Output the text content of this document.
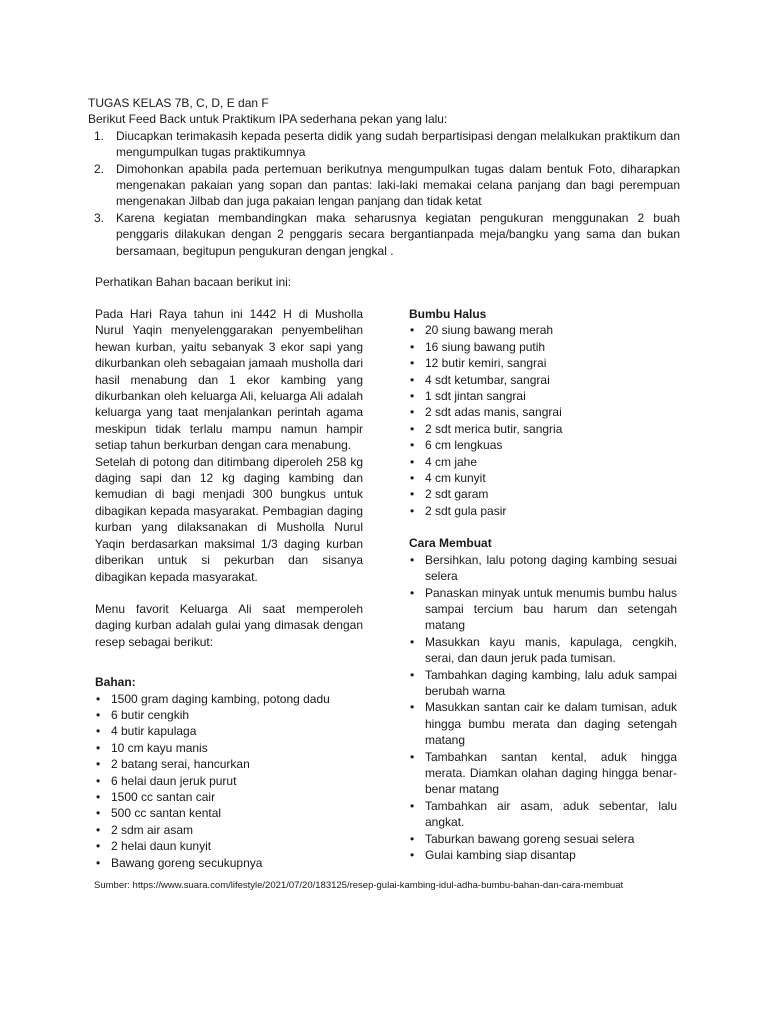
TUGAS KELAS 7B, C, D, E dan F

Berikut Feed Back untuk Praktikum IPA sederhana pekan yang lalu:

1. Diucapkan terimakasih kepada peserta didik yang sudah berpartisipasi dengan melalkukan praktikum dan mengumpulkan tugas praktikumnya
2. Dimohonkan apabila pada pertemuan berikutnya mengumpulkan tugas dalam bentuk Foto, diharapkan mengenakan pakaian yang sopan dan pantas: laki-laki memakai celana panjang dan bagi perempuan mengenakan Jilbab dan juga pakaian lengan panjang dan tidak ketat
3. Karena kegiatan membandingkan maka seharusnya kegiatan pengukuran menggunakan 2 buah penggaris dilakukan dengan 2 penggaris secara bergantianpada meja/bangku yang sama dan bukan bersamaan, begitupun pengukuran dengan jengkal .
Perhatikan Bahan bacaan berikut ini:

Pada Hari Raya tahun ini 1442 H di Musholla Nurul Yaqin menyelenggarakan penyembelihan hewan kurban, yaitu sebanyak 3 ekor sapi yang dikurbankan oleh sebagaian jamaah musholla dari hasil menabung dan 1 ekor kambing yang dikurbankan oleh keluarga Ali, keluarga Ali adalah keluarga yang taat menjalankan perintah agama meskipun tidak terlalu mampu namun hampir setiap tahun berkurban dengan cara menabung.

Setelah di potong dan ditimbang diperoleh 258 kg daging sapi dan 12 kg daging kambing dan kemudian di bagi menjadi 300 bungkus untuk dibagikan kepada masyarakat. Pembagian daging kurban yang dilaksanakan di Musholla Nurul Yaqin berdasarkan maksimal 1/3 daging kurban diberikan untuk si pekurban dan sisanya dibagikan kepada masyarakat.

Menu favorit Keluarga Ali saat memperoleh daging kurban adalah gulai yang dimasak dengan resep sebagai berikut:

Bahan:
• 1500 gram daging kambing, potong dadu
• 6 butir cengkih
• 4 butir kapulaga
• 10 cm kayu manis
• 2 batang serai, hancurkan
• 6 helai daun jeruk purut
• 1500 cc santan cair
• 500 cc santan kental
• 2 sdm air asam
• 2 helai daun kunyit
• Bawang goreng secukupnya
Bumbu Halus
• 20 siung bawang merah
• 16 siung bawang putih
• 12 butir kemiri, sangrai
• 4 sdt ketumbar, sangrai
• 1 sdt jintan sangrai
• 2 sdt adas manis, sangrai
• 2 sdt merica butir, sangria
• 6 cm lengkuas
• 4 cm jahe
• 4 cm kunyit
• 2 sdt garam
• 2 sdt gula pasir
Cara Membuat
• Bersihkan, lalu potong daging kambing sesuai selera
• Panaskan minyak untuk menumis bumbu halus sampai tercium bau harum dan setengah matang
• Masukkan kayu manis, kapulaga, cengkih, serai, dan daun jeruk pada tumisan.
• Tambahkan daging kambing, lalu aduk sampai berubah warna
• Masukkan santan cair ke dalam tumisan, aduk hingga bumbu merata dan daging setengah matang
• Tambahkan santan kental, aduk hingga merata. Diamkan olahan daging hingga benar-benar matang
• Tambahkan air asam, aduk sebentar, lalu angkat.
• Taburkan bawang goreng sesuai selera
• Gulai kambing siap disantap
Sumber: https://www.suara.com/lifestyle/2021/07/20/183125/resep-gulai-kambing-idul-adha-bumbu-bahan-dan-cara-membuat
